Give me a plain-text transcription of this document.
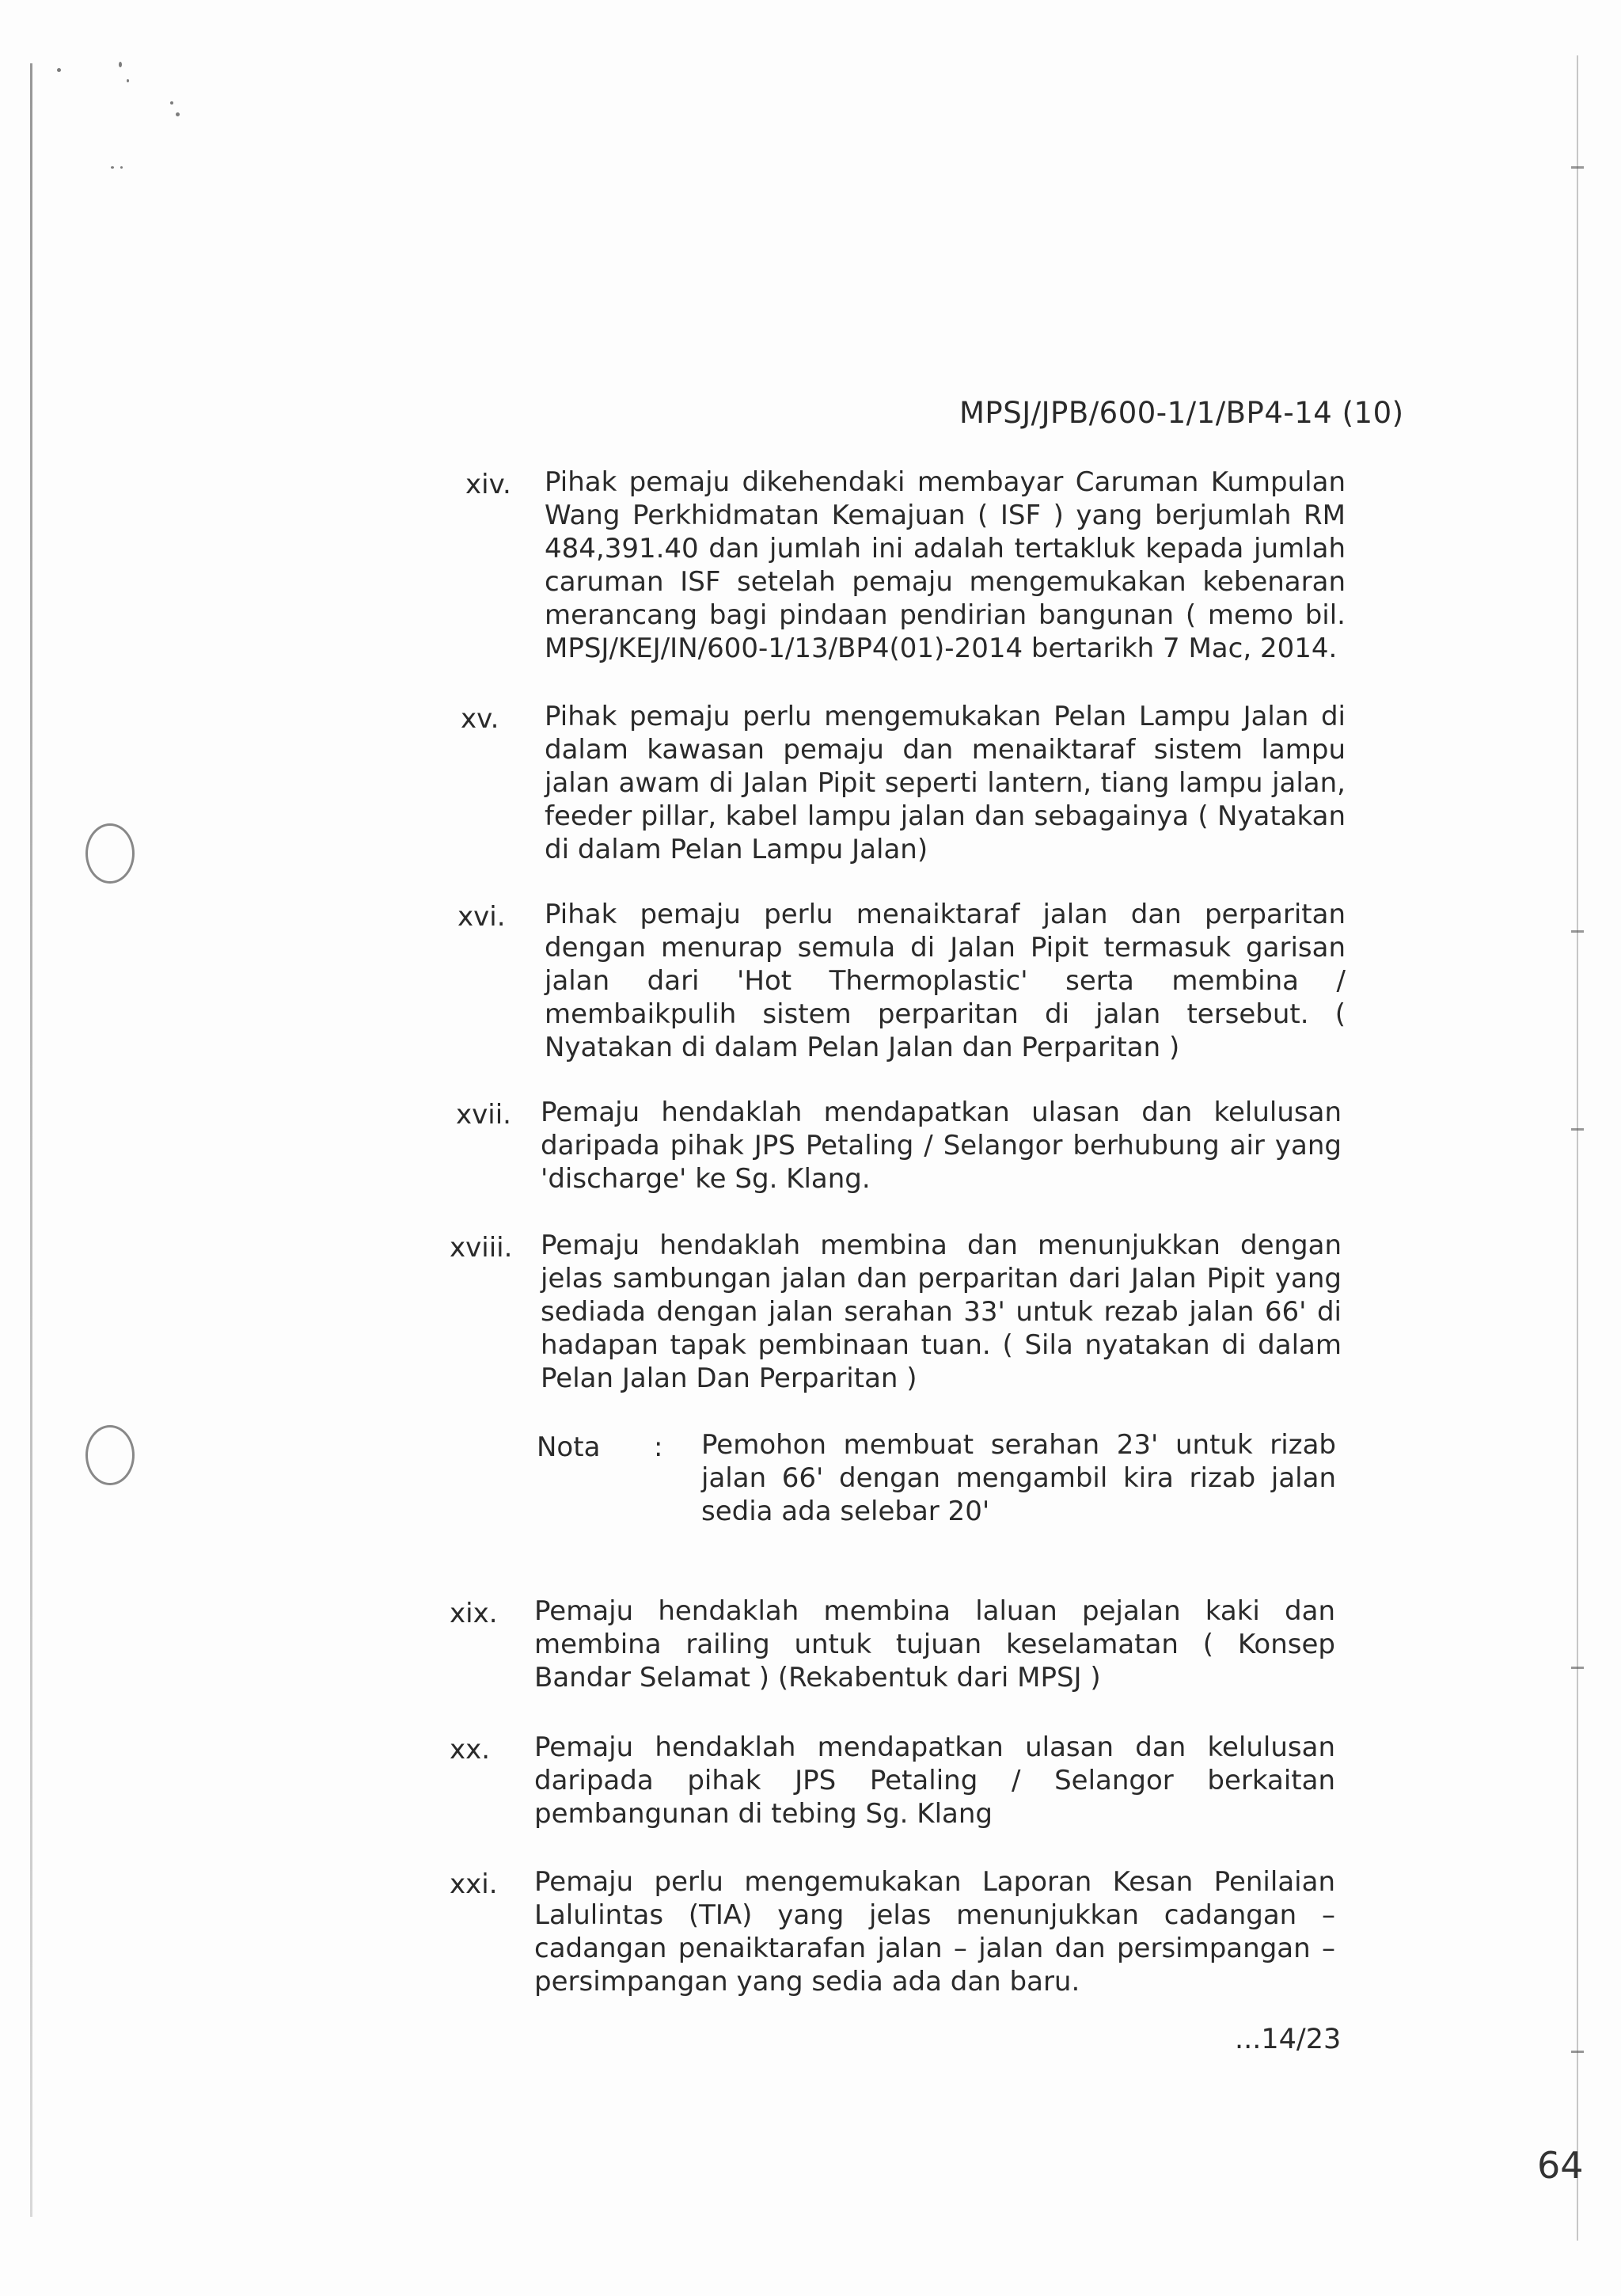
MPSJ/JPB/600-1/1/BP4-14 (10)
xiv. Pihak pemaju dikehendaki membayar Caruman Kumpulan Wang Perkhidmatan Kemajuan ( ISF ) yang berjumlah RM 484,391.40 dan jumlah ini adalah tertakluk kepada jumlah caruman ISF setelah pemaju mengemukakan kebenaran merancang bagi pindaan pendirian bangunan ( memo bil. MPSJ/KEJ/IN/600-1/13/BP4(01)-2014 bertarikh 7 Mac, 2014.
xv. Pihak pemaju perlu mengemukakan Pelan Lampu Jalan di dalam kawasan pemaju dan menaiktaraf sistem lampu jalan awam di Jalan Pipit seperti lantern, tiang lampu jalan, feeder pillar, kabel lampu jalan dan sebagainya ( Nyatakan di dalam Pelan Lampu Jalan)
xvi. Pihak pemaju perlu menaiktaraf jalan dan perparitan dengan menurap semula di Jalan Pipit termasuk garisan jalan dari 'Hot Thermoplastic' serta membina / membaikpulih sistem perparitan di jalan tersebut. ( Nyatakan di dalam Pelan Jalan dan Perparitan )
xvii. Pemaju hendaklah mendapatkan ulasan dan kelulusan daripada pihak JPS Petaling / Selangor berhubung air yang 'discharge' ke Sg. Klang.
xviii. Pemaju hendaklah membina dan menunjukkan dengan jelas sambungan jalan dan perparitan dari Jalan Pipit yang sediada dengan jalan serahan 33' untuk rezab jalan 66' di hadapan tapak pembinaan tuan. ( Sila nyatakan di dalam Pelan Jalan Dan Perparitan )
Nota : Pemohon membuat serahan 23' untuk rizab jalan 66' dengan mengambil kira rizab jalan sedia ada selebar 20'
xix. Pemaju hendaklah membina laluan pejalan kaki dan membina railing untuk tujuan keselamatan ( Konsep Bandar Selamat ) (Rekabentuk dari MPSJ )
xx. Pemaju hendaklah mendapatkan ulasan dan kelulusan daripada pihak JPS Petaling / Selangor berkaitan pembangunan di tebing Sg. Klang
xxi. Pemaju perlu mengemukakan Laporan Kesan Penilaian Lalulintas (TIA) yang jelas menunjukkan cadangan – cadangan penaiktarafan jalan – jalan dan persimpangan – persimpangan yang sedia ada dan baru.
...14/23
64
